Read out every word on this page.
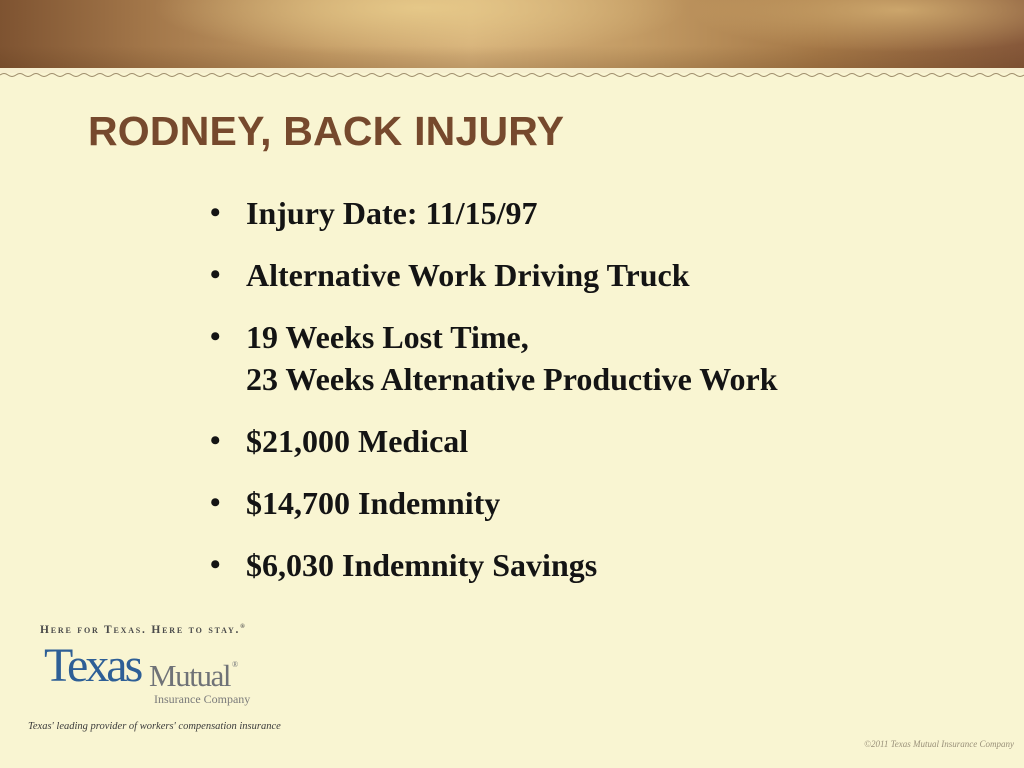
RODNEY, BACK INJURY
• Injury Date: 11/15/97
• Alternative Work Driving Truck
• 19 Weeks Lost Time,
23 Weeks Alternative Productive Work
• $21,000 Medical
• $14,700 Indemnity
• $6,030 Indemnity Savings
Here for Texas. Here to stay.®
Texas Mutual ®
Insurance Company
Texas' leading provider of workers' compensation insurance
©2011 Texas Mutual Insurance Company
